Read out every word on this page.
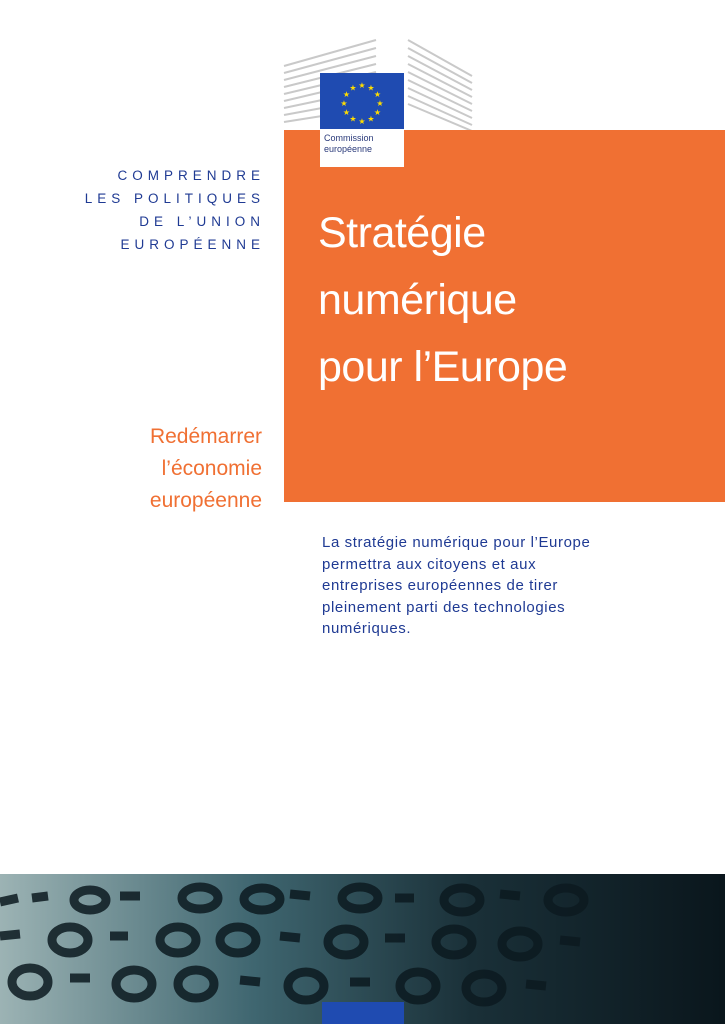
★ ★
★
★
★
★
★
★
★
★
★
★
Commission
européenne
COMPRENDRE
LES POLITIQUES
DE L’UNION
EUROPÉENNE Stratégie
numérique
pour l’Europe
Redémarrer
l’économie
européenne
La stratégie numérique pour l’Europe
permettra aux citoyens et aux
entreprises européennes de tirer
pleinement parti des technologies
numériques.
